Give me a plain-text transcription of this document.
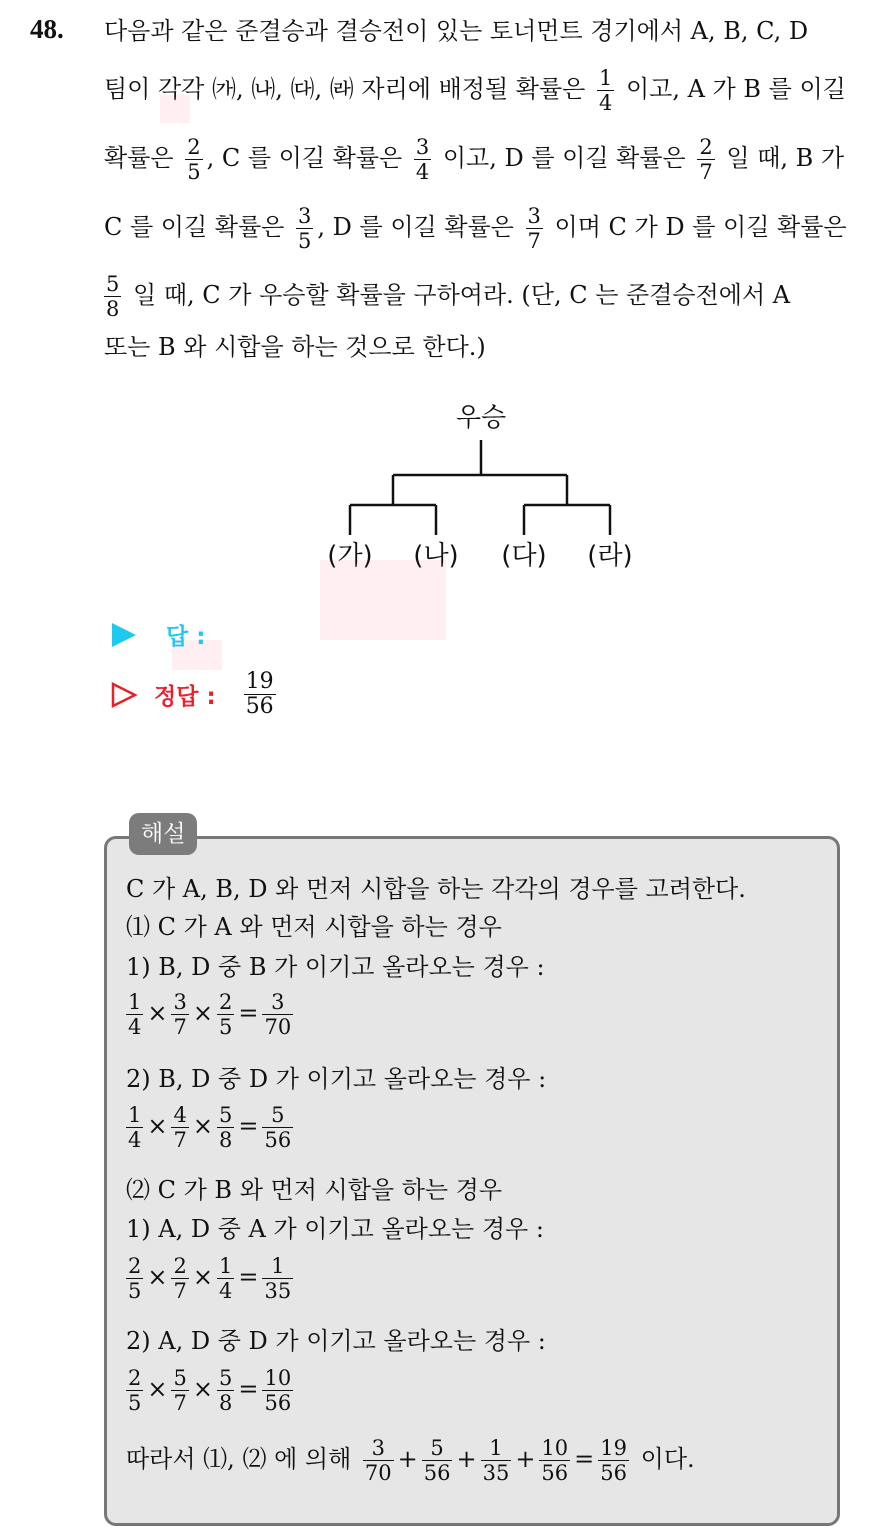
48. 다음과 같은 준결승과 결승전이 있는 토너먼트 경기에서 A, B, C, D
팀이 각각 ㈎, ㈏, ㈐, ㈑ 자리에 배정될 확률은 $\frac{1}{4}$ 이고, A 가 B 를 이길
확률은 $\frac{2}{5}$ , C 를 이길 확률은 $\frac{3}{4}$ 이고, D 를 이길 확률은 $\frac{2}{7}$ 일 때, B 가
C 를 이길 확률은 $\frac{3}{5}$ , D 를 이길 확률은 $\frac{3}{7}$ 이며 C 가 D 를 이길 확률은
$\frac{5}{8}$ 일 때, C 가 우승할 확률을 구하여라. (단, C 는 준결승전에서 A
또는 B 와 시합을 하는 것으로 한다.)
우승
(가) (나) (다) (라)
답 :
정답 : $\frac{19}{56}$
해설
C 가 A, B, D 와 먼저 시합을 하는 각각의 경우를 고려한다.
⑴ C 가 A 와 먼저 시합을 하는 경우
1) B, D 중 B 가 이기고 올라오는 경우 :
$\frac{1}{4} \times \frac{3}{7} \times \frac{2}{5} = \frac{3}{70}$
2) B, D 중 D 가 이기고 올라오는 경우 :
$\frac{1}{4} \times \frac{4}{7} \times \frac{5}{8} = \frac{5}{56}$
⑵ C 가 B 와 먼저 시합을 하는 경우
1) A, D 중 A 가 이기고 올라오는 경우 :
$\frac{2}{5} \times \frac{2}{7} \times \frac{1}{4} = \frac{1}{35}$
2) A, D 중 D 가 이기고 올라오는 경우 :
$\frac{2}{5} \times \frac{5}{7} \times \frac{5}{8} = \frac{10}{56}$
따라서 ⑴, ⑵ 에 의해 $\frac{3}{70} + \frac{5}{56} + \frac{1}{35} + \frac{10}{56} = \frac{19}{56}$ 이다.
